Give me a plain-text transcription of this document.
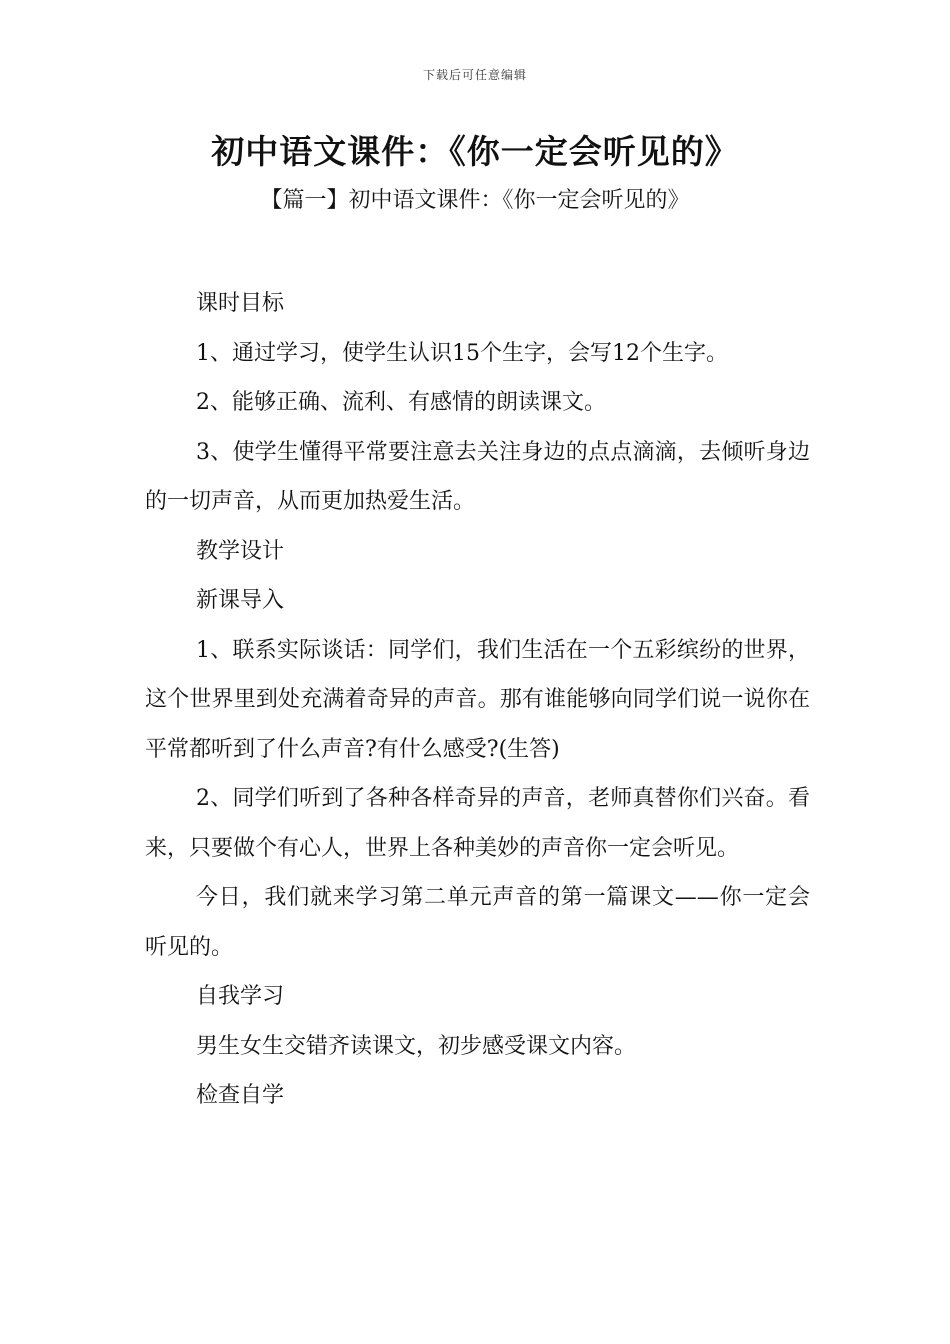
下载后可任意编辑
初中语文课件：《你一定会听见的》

【篇一】初中语文课件：《你一定会听见的》

课时目标

1、通过学习，使学生认识15个生字，会写12个生字。

2、能够正确、流利、有感情的朗读课文。

3、使学生懂得平常要注意去关注身边的点点滴滴，去倾听身边的一切声音，从而更加热爱生活。

教学设计

新课导入

1、联系实际谈话：同学们，我们生活在一个五彩缤纷的世界，这个世界里到处充满着奇异的声音。那有谁能够向同学们说一说你在平常都听到了什么声音?有什么感受?(生答)

2、同学们听到了各种各样奇异的声音，老师真替你们兴奋。看来，只要做个有心人，世界上各种美妙的声音你一定会听见。

今日，我们就来学习第二单元声音的第一篇课文——你一定会听见的。

自我学习

男生女生交错齐读课文，初步感受课文内容。

检查自学
